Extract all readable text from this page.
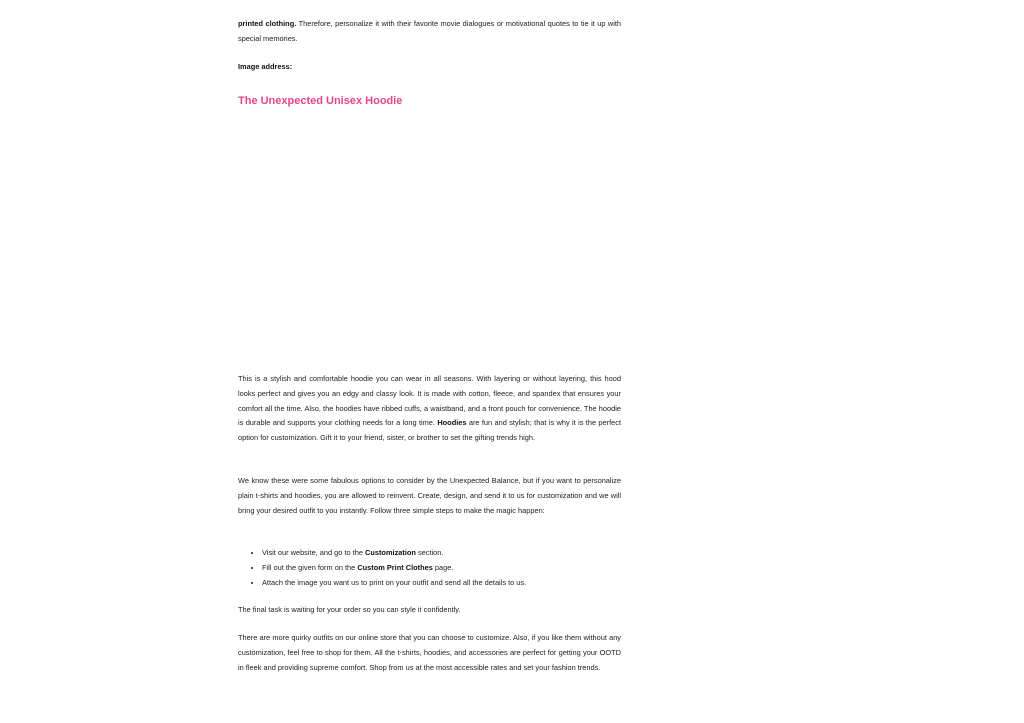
printed clothing. Therefore, personalize it with their favorite movie dialogues or motivational quotes to tie it up with special memories.

Image address:

The Unexpected Unisex Hoodie

This is a stylish and comfortable hoodie you can wear in all seasons. With layering or without layering, this hood looks perfect and gives you an edgy and classy look. It is made with cotton, fleece, and spandex that ensures your comfort all the time. Also, the hoodies have ribbed cuffs, a waistband, and a front pouch for convenience. The hoodie is durable and supports your clothing needs for a long time. Hoodies are fun and stylish; that is why it is the perfect option for customization. Gift it to your friend, sister, or brother to set the gifting trends high.

We know these were some fabulous options to consider by the Unexpected Balance, but if you want to personalize plain t-shirts and hoodies, you are allowed to reinvent. Create, design, and send it to us for customization and we will bring your desired outfit to you instantly. Follow three simple steps to make the magic happen:

• Visit our website, and go to the Customization section.
• Fill out the given form on the Custom Print Clothes page.
• Attach the image you want us to print on your outfit and send all the details to us.

The final task is waiting for your order so you can style it confidently.

There are more quirky outfits on our online store that you can choose to customize. Also, if you like them without any customization, feel free to shop for them. All the t-shirts, hoodies, and accessories are perfect for getting your OOTD in fleek and providing supreme comfort. Shop from us at the most accessible rates and set your fashion trends.
